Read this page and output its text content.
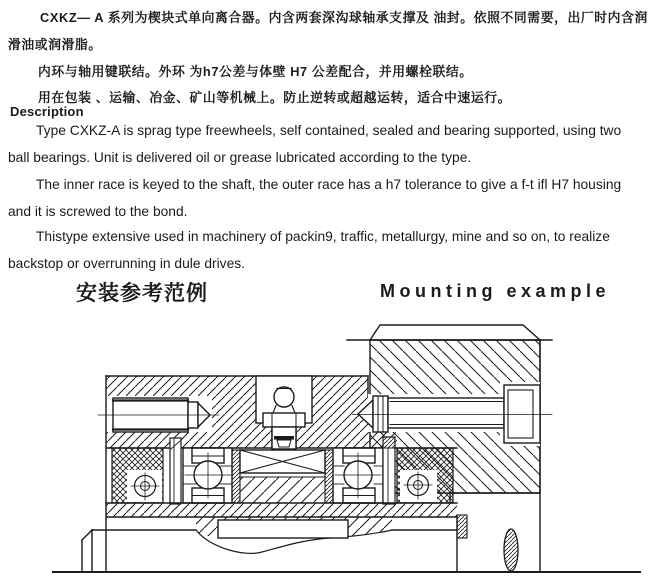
CXKZ— A 系列为楔块式单向离合器。内含两套深沟球轴承支撑及 油封。依照不同需要，出厂时内含润
滑油或润滑脂。
内环与轴用键联结。外环 为h7公差与体壁 H7 公差配合，并用螺栓联结。
用在包装 、运输、冶金、矿山等机械上。防止逆转或超越运转，适合中速运行。
Description
Type CXKZ-A is sprag type freewheels, self contained, sealed and bearing supported, using two
ball bearings. Unit is delivered oil or grease lubricated according to the type.
The inner race is keyed to the shaft, the outer race has a h7 tolerance to give a f-t ifl H7 housing
and it is screwed to the bond.
Thistype extensive used in machinery of packin9, traffic, metallurgy, mine and so on, to realize
backstop or overrunning in dule drives.
安装参考范例	Mounting example
